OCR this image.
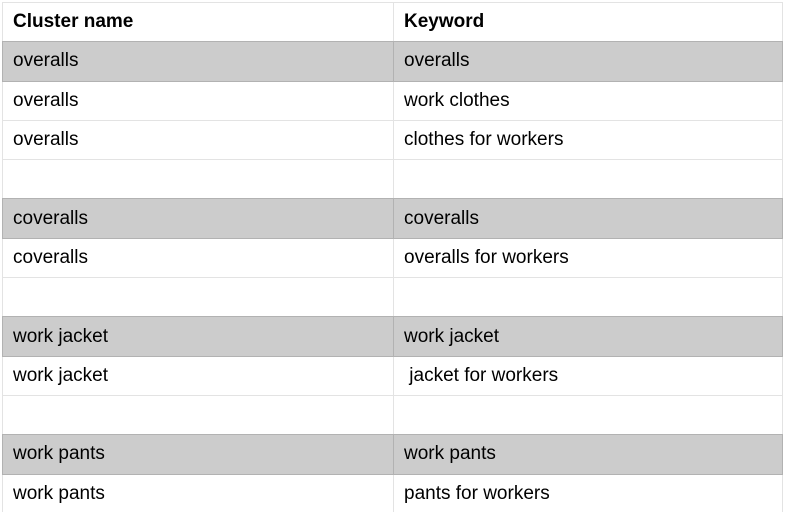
Cluster name	Keyword
overalls	overalls
overalls	work clothes
overalls	clothes for workers
coveralls	coveralls
coveralls	overalls for workers
work jacket	work jacket
work jacket	jacket for workers
work pants	work pants
work pants	pants for workers
